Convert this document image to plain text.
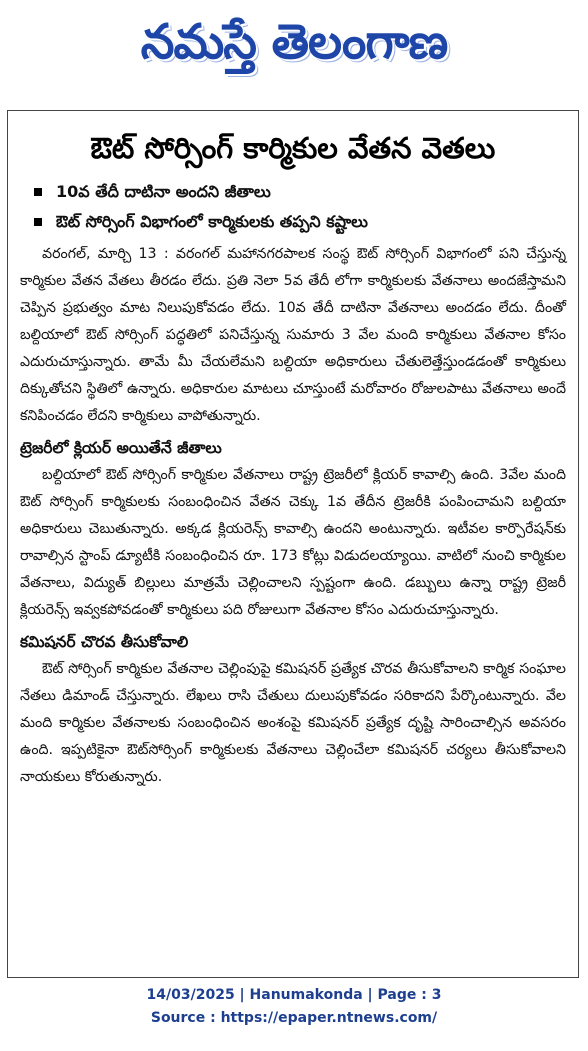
నమస్తే తెలంగాణ
ఔట్ సోర్సింగ్ కార్మికుల వేతన వెతలు
10వ తేదీ దాటినా అందని జీతాలు
ఔట్ సోర్సింగ్ విభాగంలో కార్మికులకు తప్పని కష్టాలు

వరంగల్, మార్చి 13 : వరంగల్ మహానగరపాలక సంస్థ ఔట్ సోర్సింగ్ విభాగంలో పని చేస్తున్న కార్మికుల వేతన వేతలు తీరడం లేదు. ప్రతి నెలా 5వ తేదీ లోగా కార్మికులకు వేతనాలు అందజేస్తామని చెప్పిన ప్రభుత్వం మాట నిలుపుకోవడం లేదు. 10వ తేదీ దాటినా వేతనాలు అందడం లేదు. దీంతో బల్దియాలో ఔట్ సోర్సింగ్ పద్ధతిలో పనిచేస్తున్న సుమారు 3 వేల మంది కార్మికులు వేతనాల కోసం ఎదురుచూస్తున్నారు. తామే మీ చేయలేమని బల్దియా అధికారులు చేతులెత్తేస్తుండడంతో కార్మికులు దిక్కుతోచని స్థితిలో ఉన్నారు. అధికారుల మాటలు చూస్తుంటే మరోవారం రోజులపాటు వేతనాలు అందే కనిపించడం లేదని కార్మికులు వాపోతున్నారు.

ట్రెజరీలో క్లియర్ అయితేనే జీతాలు

బల్దియాలో ఔట్ సోర్సింగ్ కార్మికుల వేతనాలు రాష్ట్ర ట్రెజరీలో క్లియర్ కావాల్సి ఉంది. 3వేల మంది ఔట్ సోర్సింగ్ కార్మికులకు సంబంధించిన వేతన చెక్కు 1వ తేదీన ట్రెజరీకి పంపించామని బల్దియా అధికారులు చెబుతున్నారు. అక్కడ క్లియరెన్స్ కావాల్సి ఉందని అంటున్నారు. ఇటీవల కార్పొరేషన్‌కు రావాల్సిన స్టాంప్ డ్యూటీకి సంబంధించిన రూ. 173 కోట్లు విడుదలయ్యాయి. వాటిలో నుంచి కార్మికుల వేతనాలు, విద్యుత్ బిల్లులు మాత్రమే చెల్లించాలని స్పష్టంగా ఉంది. డబ్బులు ఉన్నా రాష్ట్ర ట్రెజరీ క్లియరెన్స్ ఇవ్వకపోవడంతో కార్మికులు పది రోజులుగా వేతనాల కోసం ఎదురుచూస్తున్నారు.

కమిషనర్ చొరవ తీసుకోవాలి

ఔట్ సోర్సింగ్ కార్మికుల వేతనాల చెల్లింపుపై కమిషనర్ ప్రత్యేక చొరవ తీసుకోవాలని కార్మిక సంఘాల నేతలు డిమాండ్ చేస్తున్నారు. లేఖలు రాసి చేతులు దులుపుకోవడం సరికాదని పేర్కొంటున్నారు. వేల మంది కార్మికుల వేతనాలకు సంబంధించిన అంశంపై కమిషనర్ ప్రత్యేక దృష్టి సారించాల్సిన అవసరం ఉంది. ఇప్పటికైనా ఔట్‌సోర్సింగ్ కార్మికులకు వేతనాలు చెల్లించేలా కమిషనర్ చర్యలు తీసుకోవాలని నాయకులు కోరుతున్నారు.

14/03/2025 | Hanumakonda | Page : 3
Source : https://epaper.ntnews.com/
